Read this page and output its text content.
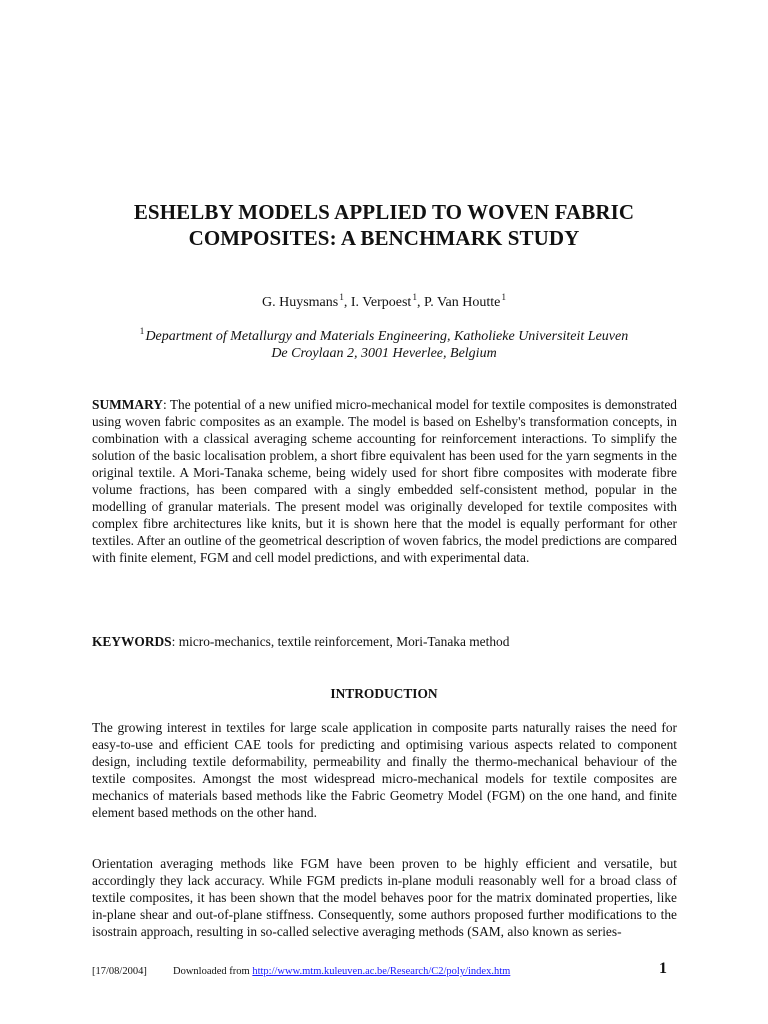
ESHELBY MODELS APPLIED TO WOVEN FABRIC
COMPOSITES: A BENCHMARK STUDY
G. Huysmans $^1$, I. Verpoest $^1$, P. Van Houtte $^1$
$^1$ Department of Metallurgy and Materials Engineering, Katholieke Universiteit Leuven
De Croylaan 2, 3001 Heverlee, Belgium
SUMMARY: The potential of a new unified micro-mechanical model for textile composites is demonstrated using woven fabric composites as an example. The model is based on Eshelby's transformation concepts, in combination with a classical averaging scheme accounting for reinforcement interactions. To simplify the solution of the basic localisation problem, a short fibre equivalent has been used for the yarn segments in the original textile. A Mori-Tanaka scheme, being widely used for short fibre composites with moderate fibre volume fractions, has been compared with a singly embedded self-consistent method, popular in the modelling of granular materials. The present model was originally developed for textile composites with complex fibre architectures like knits, but it is shown here that the model is equally performant for other textiles. After an outline of the geometrical description of woven fabrics, the model predictions are compared with finite element, FGM and cell model predictions, and with experimental data.
KEYWORDS: micro-mechanics, textile reinforcement, Mori-Tanaka method
INTRODUCTION
The growing interest in textiles for large scale application in composite parts naturally raises the need for easy-to-use and efficient CAE tools for predicting and optimising various aspects related to component design, including textile deformability, permeability and finally the thermo-mechanical behaviour of the textile composites. Amongst the most widespread micro-mechanical models for textile composites are mechanics of materials based methods like the Fabric Geometry Model (FGM) on the one hand, and finite element based methods on the other hand.
Orientation averaging methods like FGM have been proven to be highly efficient and versatile, but accordingly they lack accuracy. While FGM predicts in-plane moduli reasonably well for a broad class of textile composites, it has been shown that the model behaves poor for the matrix dominated properties, like in-plane shear and out-of-plane stiffness. Consequently, some authors proposed further modifications to the isostrain approach, resulting in so-called selective averaging methods (SAM, also known as series-
[17/08/2004] Downloaded from http://www.mtm.kuleuven.ac.be/Research/C2/poly/index.htm	1
